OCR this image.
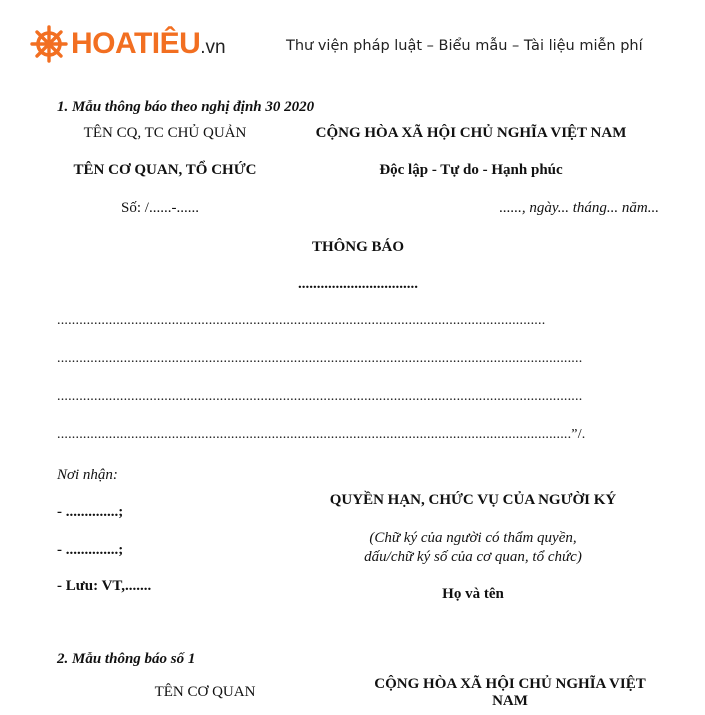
HOATIÊU.vn	Thư viện pháp luật – Biểu mẫu – Tài liệu miễn phí
1. Mẫu thông báo theo nghị định 30 2020
TÊN CQ, TC CHỦ QUẢN
TÊN CƠ QUAN, TỔ CHỨC
Số: /......-......
CỘNG HÒA XÃ HỘI CHỦ NGHĨA VIỆT NAM
Độc lập - Tự do - Hạnh phúc
......, ngày... tháng... năm...
THÔNG BÁO
................................
....................................................................................................................................
..............................................................................................................................................
..............................................................................................................................................
...........................................................................................................................................”/.
Nơi nhận:
- ..............;
- ..............;
- Lưu: VT,.......
QUYỀN HẠN, CHỨC VỤ CỦA NGƯỜI KÝ
(Chữ ký của người có thẩm quyền,
dấu/chữ ký số của cơ quan, tổ chức)
Họ và tên
2. Mẫu thông báo số 1
TÊN CƠ QUAN	CỘNG HÒA XÃ HỘI CHỦ NGHĨA VIỆT
NAM
